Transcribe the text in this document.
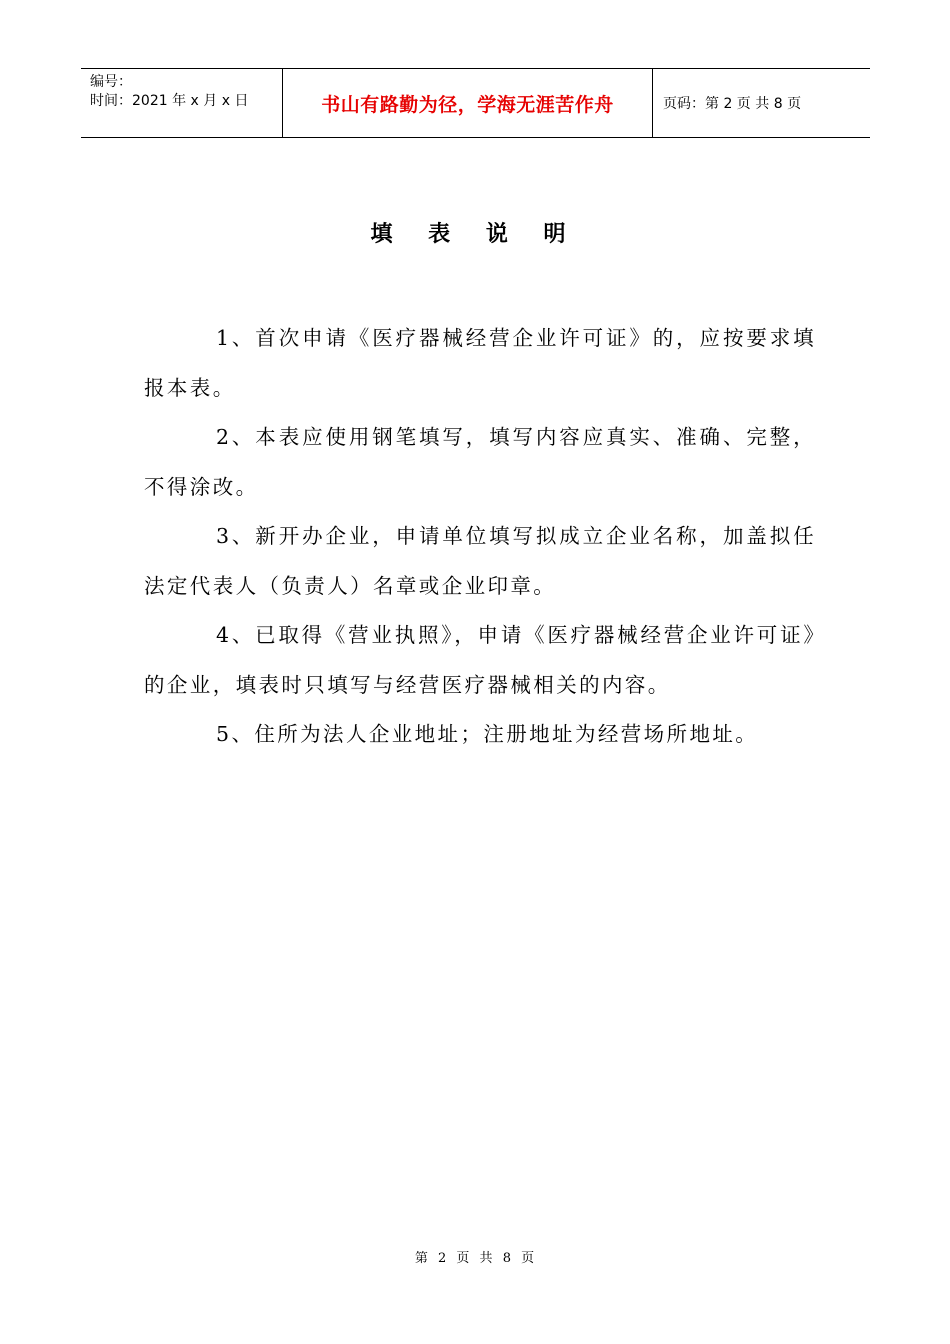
编号：
时间：2021 年 x 月 x 日	书山有路勤为径，学海无涯苦作舟	页码：第 2 页 共 8 页
填 表 说 明

1、首次申请《医疗器械经营企业许可证》的，应按要求填报本表。

2、本表应使用钢笔填写，填写内容应真实、准确、完整，不得涂改。

3、新开办企业，申请单位填写拟成立企业名称，加盖拟任法定代表人（负责人）名章或企业印章。

4、已取得《营业执照》，申请《医疗器械经营企业许可证》的企业，填表时只填写与经营医疗器械相关的内容。

5、住所为法人企业地址；注册地址为经营场所地址。

第 2 页 共 8 页
